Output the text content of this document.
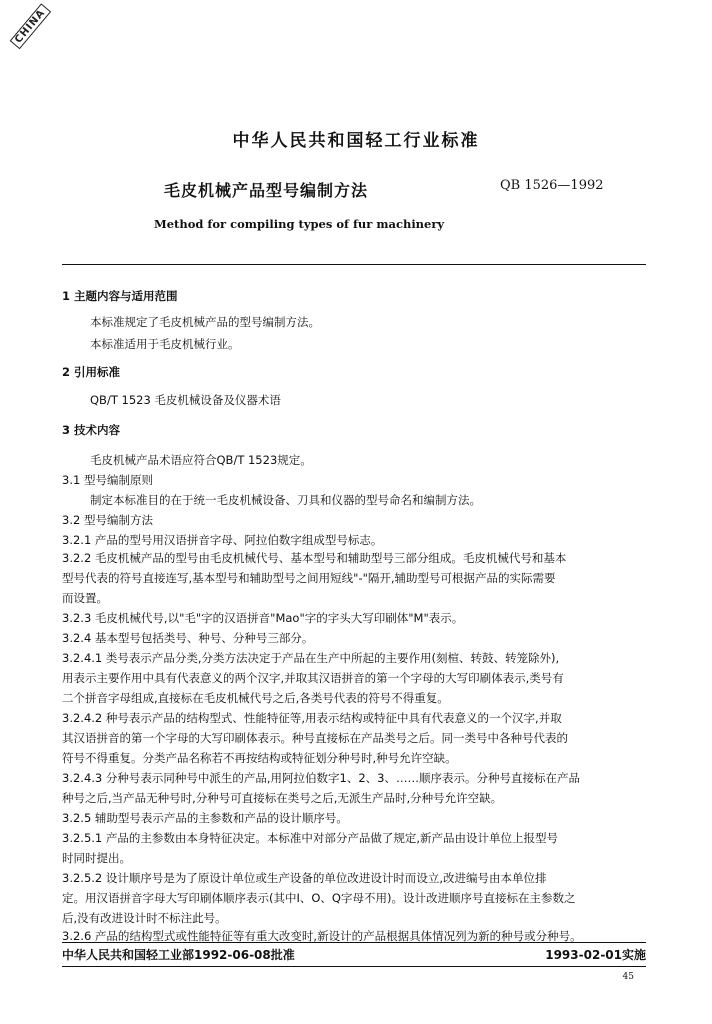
CHINA
中华人民共和国轻工行业标准
毛皮机械产品型号编制方法	QB 1526—1992
Method for compiling types of fur machinery
1 主题内容与适用范围
本标准规定了毛皮机械产品的型号编制方法。
本标准适用于毛皮机械行业。
2 引用标准
QB/T 1523 毛皮机械设备及仪器术语
3 技术内容
毛皮机械产品术语应符合QB/T 1523规定。
3.1 型号编制原则
制定本标准目的在于统一毛皮机械设备、刀具和仪器的型号命名和编制方法。
3.2 型号编制方法
3.2.1 产品的型号用汉语拼音字母、阿拉伯数字组成型号标志。
3.2.2 毛皮机械产品的型号由毛皮机械代号、基本型号和辅助型号三部分组成。毛皮机械代号和基本
型号代表的符号直接连写,基本型号和辅助型号之间用短线"-"隔开,辅助型号可根据产品的实际需要
而设置。
3.2.3 毛皮机械代号,以"毛"字的汉语拼音"Mao"字的字头大写印刷体"M"表示。
3.2.4 基本型号包括类号、种号、分种号三部分。
3.2.4.1 类号表示产品分类,分类方法决定于产品在生产中所起的主要作用(刻楦、转鼓、转笼除外),
用表示主要作用中具有代表意义的两个汉字,并取其汉语拼音的第一个字母的大写印刷体表示,类号有
二个拼音字母组成,直接标在毛皮机械代号之后,各类号代表的符号不得重复。
3.2.4.2 种号表示产品的结构型式、性能特征等,用表示结构或特征中具有代表意义的一个汉字,并取
其汉语拼音的第一个字母的大写印刷体表示。种号直接标在产品类号之后。同一类号中各种号代表的
符号不得重复。分类产品名称若不再按结构或特征划分种号时,种号允许空缺。
3.2.4.3 分种号表示同种号中派生的产品,用阿拉伯数字1、2、3、……顺序表示。分种号直接标在产品
种号之后,当产品无种号时,分种号可直接标在类号之后,无派生产品时,分种号允许空缺。
3.2.5 辅助型号表示产品的主参数和产品的设计顺序号。
3.2.5.1 产品的主参数由本身特征决定。本标准中对部分产品做了规定,新产品由设计单位上报型号
时同时提出。
3.2.5.2 设计顺序号是为了原设计单位或生产设备的单位改进设计时而设立,改进编号由本单位排
定。用汉语拼音字母大写印刷体顺序表示(其中I、O、Q字母不用)。设计改进顺序号直接标在主参数之
后,没有改进设计时不标注此号。
3.2.6 产品的结构型式或性能特征等有重大改变时,新设计的产品根据具体情况列为新的种号或分种号。
中华人民共和国轻工业部1992-06-08批准	1993-02-01实施
45
